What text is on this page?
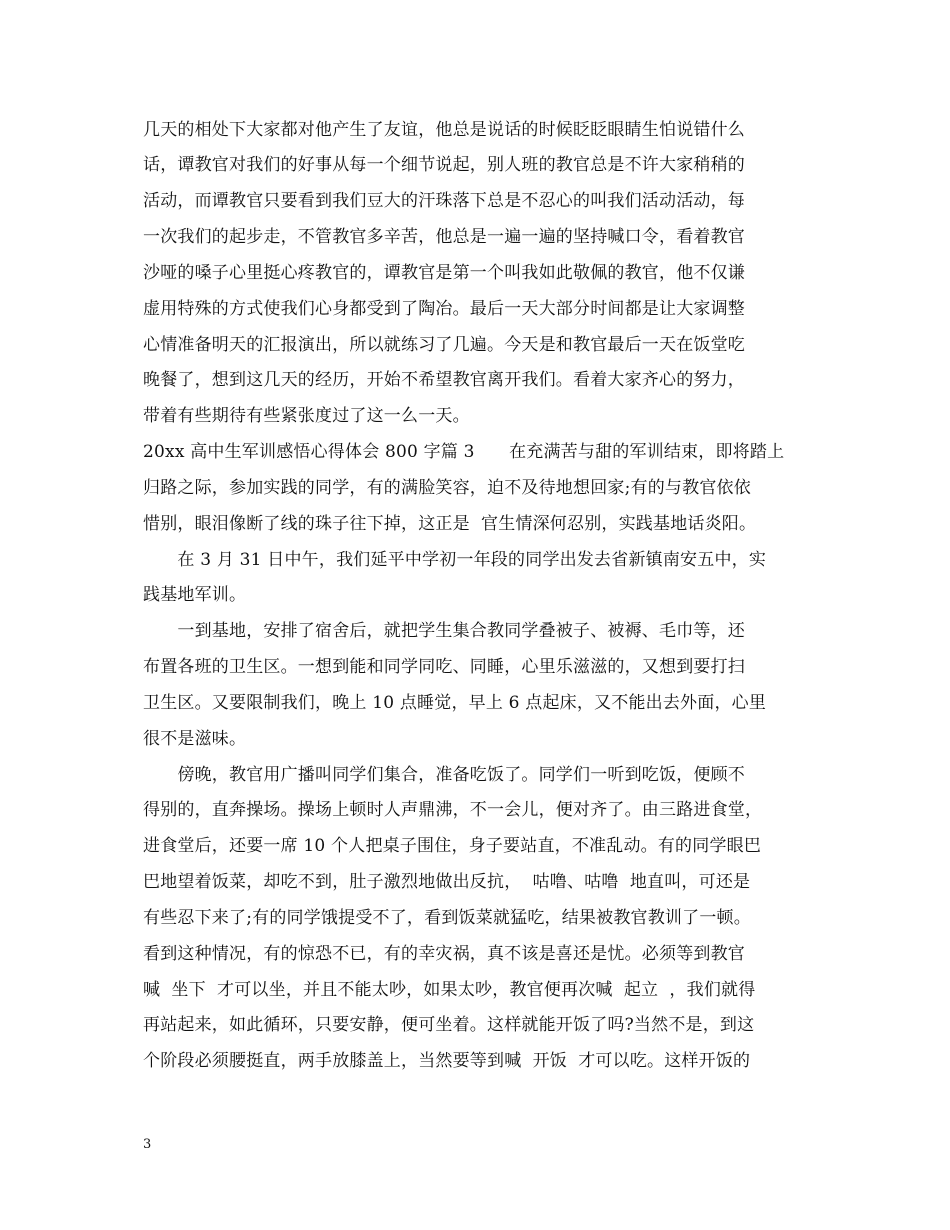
几天的相处下大家都对他产生了友谊，他总是说话的时候眨眨眼睛生怕说错什么
话，谭教官对我们的好事从每一个细节说起，别人班的教官总是不许大家稍稍的
活动，而谭教官只要看到我们豆大的汗珠落下总是不忍心的叫我们活动活动，每
一次我们的起步走，不管教官多辛苦，他总是一遍一遍的坚持喊口令，看着教官
沙哑的嗓子心里挺心疼教官的，谭教官是第一个叫我如此敬佩的教官，他不仅谦
虚用特殊的方式使我们心身都受到了陶冶。最后一天大部分时间都是让大家调整
心情准备明天的汇报演出，所以就练习了几遍。今天是和教官最后一天在饭堂吃
晚餐了，想到这几天的经历，开始不希望教官离开我们。看着大家齐心的努力，
带着有些期待有些紧张度过了这一么一天。
20xx 高中生军训感悟心得体会 800 字篇 3　　在充满苦与甜的军训结束，即将踏上
归路之际，参加实践的同学，有的满脸笑容，迫不及待地想回家;有的与教官依依
惜别，眼泪像断了线的珠子往下掉，这正是  官生情深何忍别，实践基地话炎阳。
　　在 3 月 31 日中午，我们延平中学初一年段的同学出发去省新镇南安五中，实
践基地军训。
　　一到基地，安排了宿舍后，就把学生集合教同学叠被子、被褥、毛巾等，还
布置各班的卫生区。一想到能和同学同吃、同睡，心里乐滋滋的，又想到要打扫
卫生区。又要限制我们，晚上 10 点睡觉，早上 6 点起床，又不能出去外面，心里
很不是滋味。
　　傍晚，教官用广播叫同学们集合，准备吃饭了。同学们一听到吃饭，便顾不
得别的，直奔操场。操场上顿时人声鼎沸，不一会儿，便对齐了。由三路进食堂，
进食堂后，还要一席 10 个人把桌子围住，身子要站直，不准乱动。有的同学眼巴
巴地望着饭菜，却吃不到，肚子激烈地做出反抗，  咕噜、咕噜  地直叫，可还是
有些忍下来了;有的同学饿提受不了，看到饭菜就猛吃，结果被教官教训了一顿。
看到这种情况，有的惊恐不已，有的幸灾祸，真不该是喜还是忧。必须等到教官
喊  坐下  才可以坐，并且不能太吵，如果太吵，教官便再次喊  起立  ，我们就得
再站起来，如此循环，只要安静，便可坐着。这样就能开饭了吗?当然不是，到这
个阶段必须腰挺直，两手放膝盖上，当然要等到喊  开饭  才可以吃。这样开饭的
3
